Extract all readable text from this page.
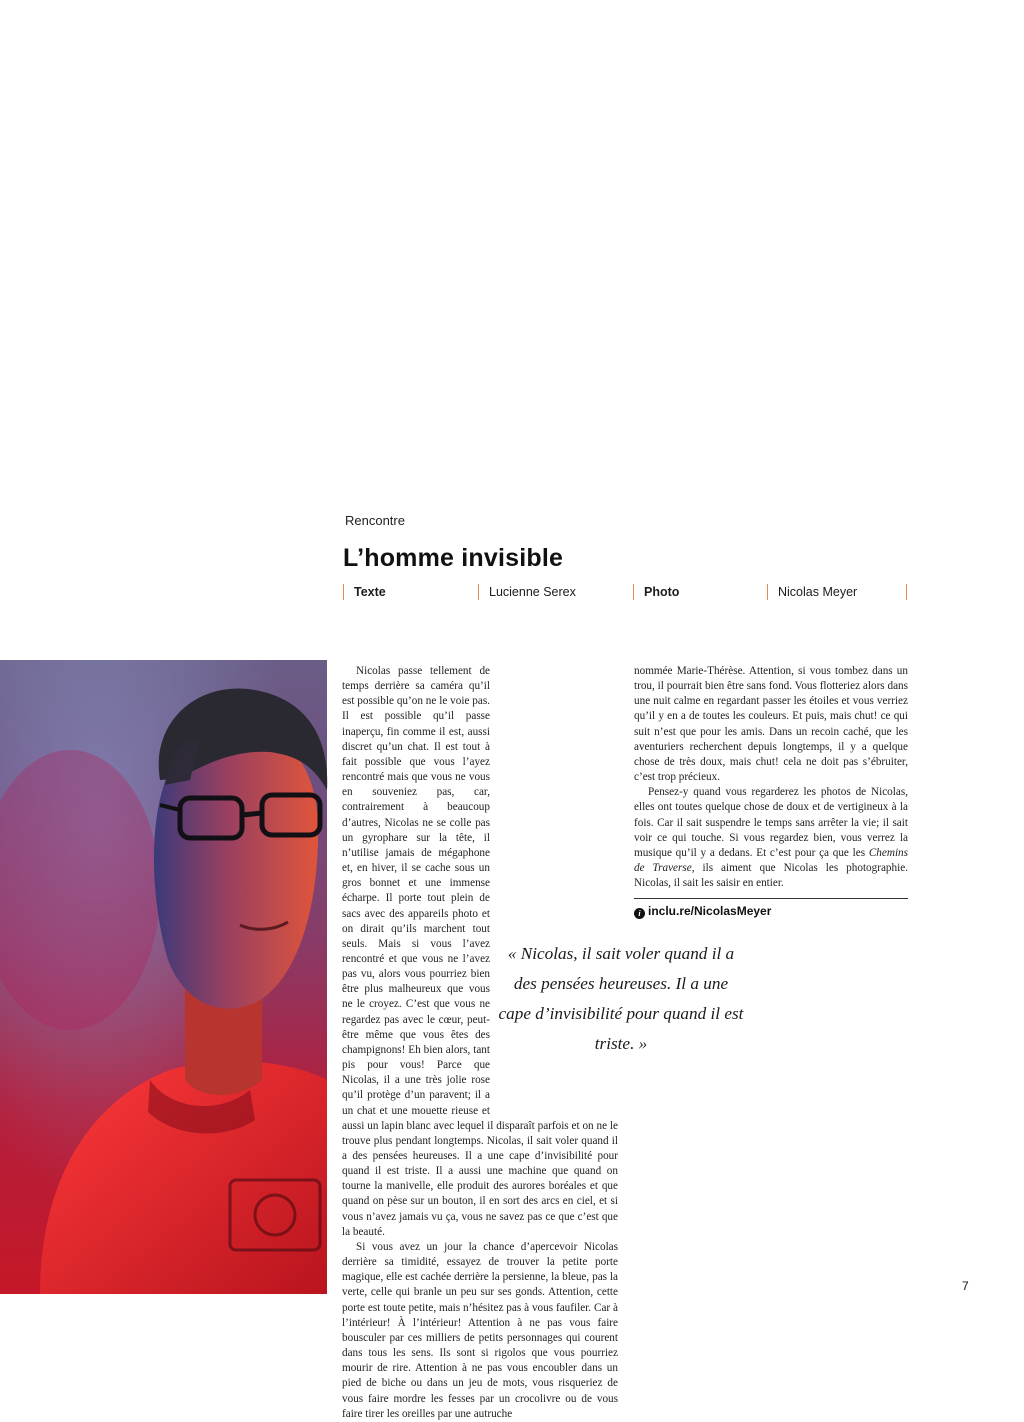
Rencontre
L’homme invisible
Texte	Lucienne Serex	Photo	Nicolas Meyer

Nicolas passe tellement de temps derrière sa caméra qu’il est possible qu’on ne le voie pas. Il est possible qu’il passe inaperçu, fin comme il est, aussi discret qu’un chat. Il est tout à fait possible que vous l’ayez rencontré mais que vous ne vous en souveniez pas, car, contrairement à beaucoup d’autres, Nicolas ne se colle pas un gyrophare sur la tête, il n’utilise jamais de mégaphone et, en hiver, il se cache sous un gros bonnet et une immense écharpe. Il porte tout plein de sacs avec des appareils photo et on dirait qu’ils marchent tout seuls. Mais si vous l’avez rencontré et que vous ne l’avez pas vu, alors vous pourriez bien être plus malheureux que vous ne le croyez. C’est que vous ne regardez pas avec le cœur, peut-être même que vous êtes des champignons! Eh bien alors, tant pis pour vous! Parce que Nicolas, il a une très jolie rose qu’il protège d’un paravent; il a un chat et une mouette rieuse et aussi un lapin blanc avec lequel il disparaît parfois et on ne le trouve plus pendant longtemps. Nicolas, il sait voler quand il a des pensées heureuses. Il a une cape d’invisibilité pour quand il est triste. Il a aussi une machine que quand on tourne la manivelle, elle produit des aurores boréales et que quand on pèse sur un bouton, il en sort des arcs en ciel, et si vous n’avez jamais vu ça, vous ne savez pas ce que c’est que la beauté.

Si vous avez un jour la chance d’apercevoir Nicolas derrière sa timidité, essayez de trouver la petite porte magique, elle est cachée derrière la persienne, la bleue, pas la verte, celle qui branle un peu sur ses gonds. Attention, cette porte est toute petite, mais n’hésitez pas à vous faufiler. Car à l’intérieur! À l’intérieur! Attention à ne pas vous faire bousculer par ces milliers de petits personnages qui courent dans tous les sens. Ils sont si rigolos que vous pourriez mourir de rire. Attention à ne pas vous encoubler dans un pied de biche ou dans un jeu de mots, vous risqueriez de vous faire mordre les fesses par un crocolivre ou de vous faire tirer les oreilles par une autruche

nommée Marie-Thérèse. Attention, si vous tombez dans un trou, il pourrait bien être sans fond. Vous flotteriez alors dans une nuit calme en regardant passer les étoiles et vous verriez qu’il y en a de toutes les couleurs. Et puis, mais chut! ce qui suit n’est que pour les amis. Dans un recoin caché, que les aventuriers recherchent depuis longtemps, il y a quelque chose de très doux, mais chut! cela ne doit pas s’ébruiter, c’est trop précieux.

Pensez-y quand vous regarderez les photos de Nicolas, elles ont toutes quelque chose de doux et de vertigineux à la fois. Car il sait suspendre le temps sans arrêter la vie; il sait voir ce qui touche. Si vous regardez bien, vous verrez la musique qu’il y a dedans. Et c’est pour ça que les Chemins de Traverse, ils aiment que Nicolas les photographie. Nicolas, il sait les saisir en entier.

i inclu.re/NicolasMeyer

« Nicolas, il sait voler quand il a des pensées heureuses. Il a une cape d’invisibilité pour quand il est triste. »

7
